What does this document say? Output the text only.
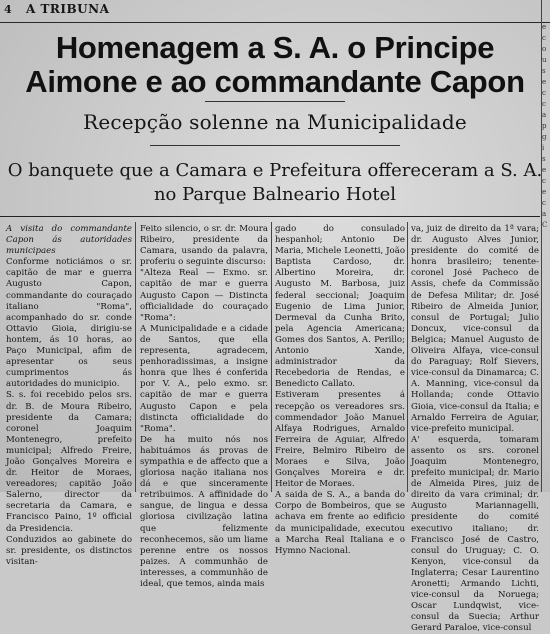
4 A TRIBUNA
Homenagem a S. A. o Principe
Aimone e ao commandante Capon
Recepção solenne na Municipalidade
O banquete que a Camara e Prefeitura offereceram a S. A.
no Parque Balneario Hotel

A visita do commandante Capon ás autoridades municipaes

Conforme noticiámos o sr. capitão de mar e guerra Augusto Capon, commandante do couraçado italiano "Roma", acompanhado do sr. conde Ottavio Gioia, dirigiu-se hontem, ás 10 horas, ao Paço Municipal, afim de apresentar os seus cumprimentos ás autoridades do municipio.
S. s. foi recebido pelos srs. dr. B. de Moura Ribeiro, presidente da Camara; coronel Joaquim Montenegro, prefeito municipal; Alfredo Freire, João Gonçalves Moreira e dr. Heitor de Moraes, vereadores; capitão João Salerno, director da secretaria da Camara, e Francisco Paino, 1º official da Presidencia.
Conduzidos ao gabinete do sr. presidente, os distinctos visitan-

Feito silencio, o sr. dr. Moura Ribeiro, presidente da Camara, usando da palavra, proferiu o seguinte discurso:
"Alteza Real — Exmo. sr. capitão de mar e guerra Augusto Capon — Distincta officialidade do couraçado "Roma":
A Municipalidade e a cidade de Santos, que ella representa, agradecem, penhoradissimas, a insigne honra que lhes é conferida por V. A., pelo exmo. sr. capitão de mar e guerra Augusto Capon e pela distincta officialidade do "Roma".
De ha muito nós nos habituámos ás provas de sympathia e de affecto que a gloriosa nação italiana nos dá e que sinceramente retribuimos. A affinidade do sangue, de lingua e dessa gloriosa civilização latina que felizmente reconhecemos, são um liame perenne entre os nossos paizes. A communhão de interesses, a communhão de ideal, que temos, ainda mais

gado do consulado hespanhol; Antonio De Maria, Michele Leonetti, João Baptista Cardoso, dr. Albertino Moreira, dr. Augusto M. Barbosa, juiz federal seccional; Joaquim Eugenio de Lima Junior, Dermeval da Cunha Brito, pela Agencia Americana; Gomes dos Santos, A. Perillo; Antonio Xande, administrador da Recebedoria de Rendas, e Benedicto Callato.
Estiveram presentes á recepção os vereadores srs. commendador João Manuel Alfaya Rodrigues, Arnaldo Ferreira de Aguiar, Alfredo Freire, Belmiro Ribeiro de Moraes e Silva, João Gonçalves Moreira e dr. Heitor de Moraes.
A saida de S. A., a banda do Corpo de Bombeiros, que se achava em frente ao edificio da municipalidade, executou a Marcha Real Italiana e o Hymno Nacional.

va, juiz de direito da 1ª vara; dr. Augusto Alves Junior, presidente do comité de honra brasileiro; tenente-coronel José Pacheco de Assis, chefe da Commissão de Defesa Militar; dr. José Ribeiro de Almeida Junior, consul de Portugal; Julio Doncux, vice-consul da Belgica; Manuel Augusto de Oliveira Alfaya, vice-consul do Paraguay; Rolf Sievers, vice-consul da Dinamarca; C. A. Manning, vice-consul da Hollanda; conde Ottavio Gioia, vice-consul da Italia; e Arnaldo Ferreira de Aguiar, vice-prefeito municipal.
A' esquerda, tomaram assento os srs. coronel Joaquim Montenegro, prefeito municipal; dr. Mario de Almeida Pires, juiz de direito da vara criminal; dr. Augusto Mariannagelli, presidente do comité executivo italiano; dr. Francisco José de Castro, consul do Uruguay; C. O. Kenyon, vice-consul da Inglaterra; Cesar Laurentino Aronetti; Armando Lichti, vice-consul da Noruega; Oscar Lundqwist, vice-consul da Suecia; Arthur Gerard Paraloe, vice-consul

e c o u s e c c a p g i s e c e c a C
